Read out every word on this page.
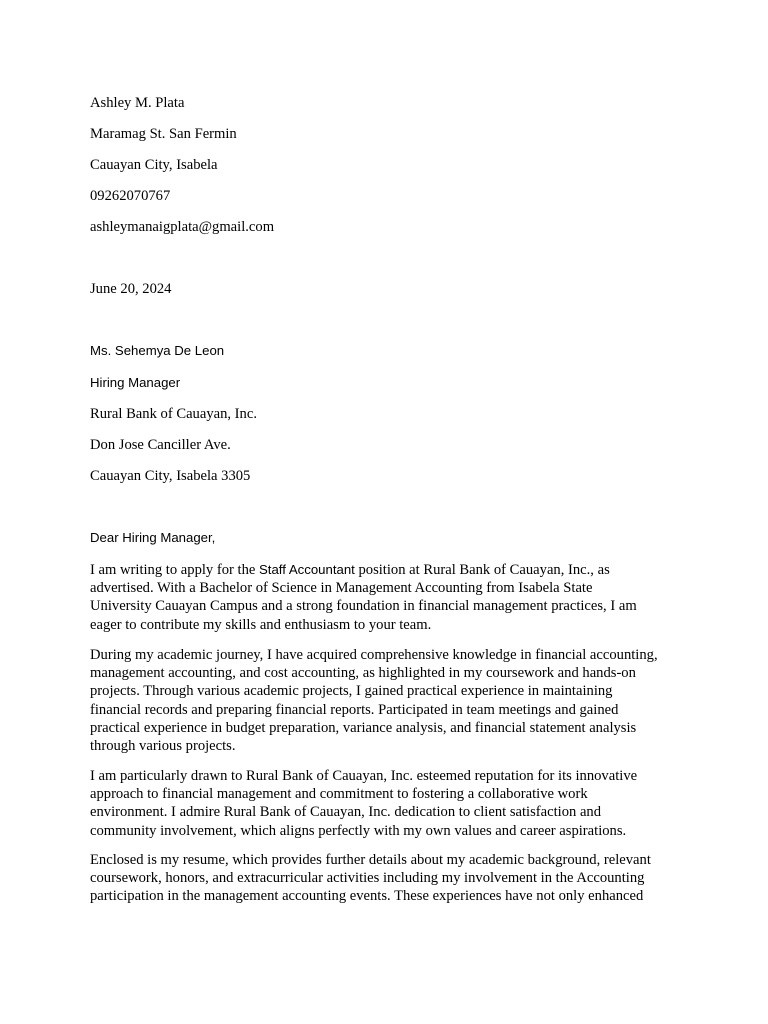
Ashley M. Plata
Maramag St. San Fermin
Cauayan City, Isabela
09262070767
ashleymanaigplata@gmail.com
June 20, 2024
Ms. Sehemya De Leon
Hiring Manager
Rural Bank of Cauayan, Inc.
Don Jose Canciller Ave.
Cauayan City, Isabela 3305
Dear Hiring Manager,
I am writing to apply for the Staff Accountant position at Rural Bank of Cauayan, Inc., as
advertised. With a Bachelor of Science in Management Accounting from Isabela State
University Cauayan Campus and a strong foundation in financial management practices, I am
eager to contribute my skills and enthusiasm to your team.
During my academic journey, I have acquired comprehensive knowledge in financial accounting,
management accounting, and cost accounting, as highlighted in my coursework and hands-on
projects. Through various academic projects, I gained practical experience in maintaining
financial records and preparing financial reports. Participated in team meetings and gained
practical experience in budget preparation, variance analysis, and financial statement analysis
through various projects.
I am particularly drawn to Rural Bank of Cauayan, Inc. esteemed reputation for its innovative
approach to financial management and commitment to fostering a collaborative work
environment. I admire Rural Bank of Cauayan, Inc. dedication to client satisfaction and
community involvement, which aligns perfectly with my own values and career aspirations.
Enclosed is my resume, which provides further details about my academic background, relevant
coursework, honors, and extracurricular activities including my involvement in the Accounting
participation in the management accounting events. These experiences have not only enhanced
